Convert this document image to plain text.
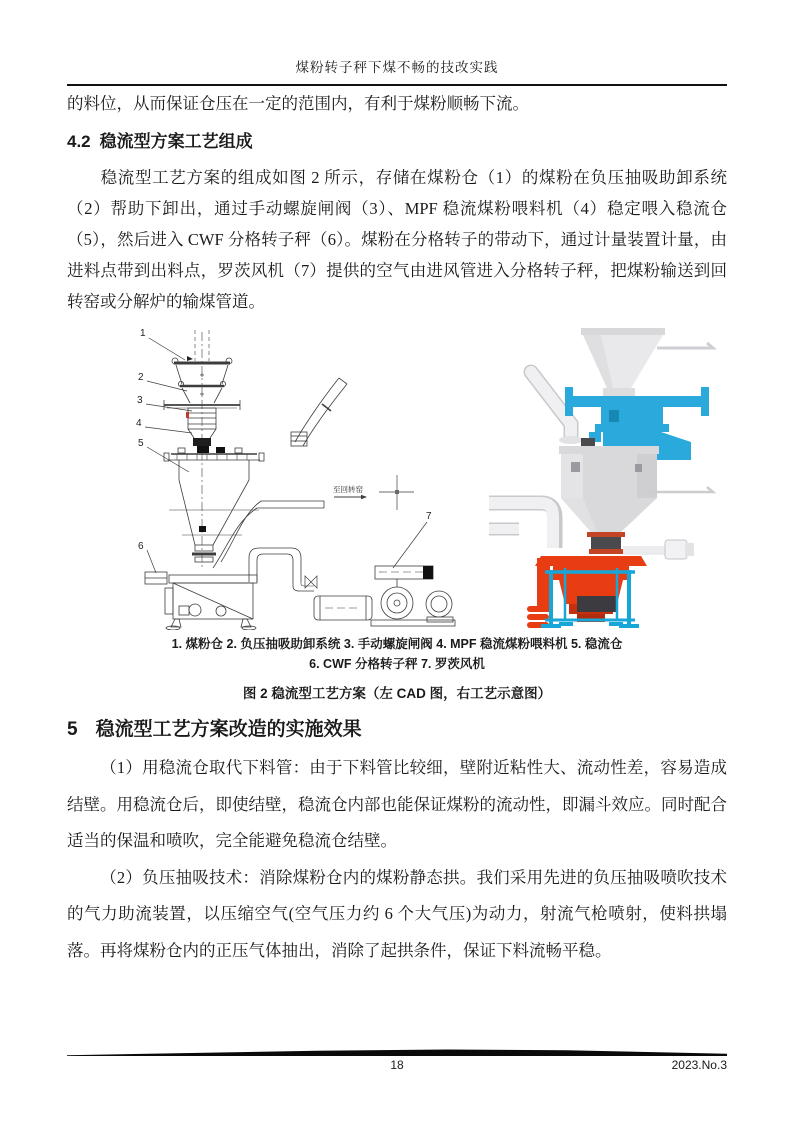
煤粉转子秤下煤不畅的技改实践
的料位，从而保证仓压在一定的范围内，有利于煤粉顺畅下流。
4.2 稳流型方案工艺组成
稳流型工艺方案的组成如图 2 所示，存储在煤粉仓（1）的煤粉在负压抽吸助卸系统（2）帮助下卸出，通过手动螺旋闸阀（3）、MPF 稳流煤粉喂料机（4）稳定喂入稳流仓（5），然后进入 CWF 分格转子秤（6）。煤粉在分格转子的带动下，通过计量装置计量，由进料点带到出料点，罗茨风机（7）提供的空气由进风管进入分格转子秤，把煤粉输送到回转窑或分解炉的输煤管道。
至回转窑
1
2
3
4
5
6
7
1. 煤粉仓 2. 负压抽吸助卸系统 3. 手动螺旋闸阀 4. MPF 稳流煤粉喂料机 5. 稳流仓
6. CWF 分格转子秤 7. 罗茨风机
图 2 稳流型工艺方案（左 CAD 图，右工艺示意图）
5 稳流型工艺方案改造的实施效果
（1）用稳流仓取代下料管：由于下料管比较细，壁附近粘性大、流动性差，容易造成结壁。用稳流仓后，即使结壁，稳流仓内部也能保证煤粉的流动性，即漏斗效应。同时配合适当的保温和喷吹，完全能避免稳流仓结壁。
（2）负压抽吸技术：消除煤粉仓内的煤粉静态拱。我们采用先进的负压抽吸喷吹技术的气力助流装置，以压缩空气(空气压力约 6 个大气压)为动力，射流气枪喷射，使料拱塌落。再将煤粉仓内的正压气体抽出，消除了起拱条件，保证下料流畅平稳。
18	2023.No.3
